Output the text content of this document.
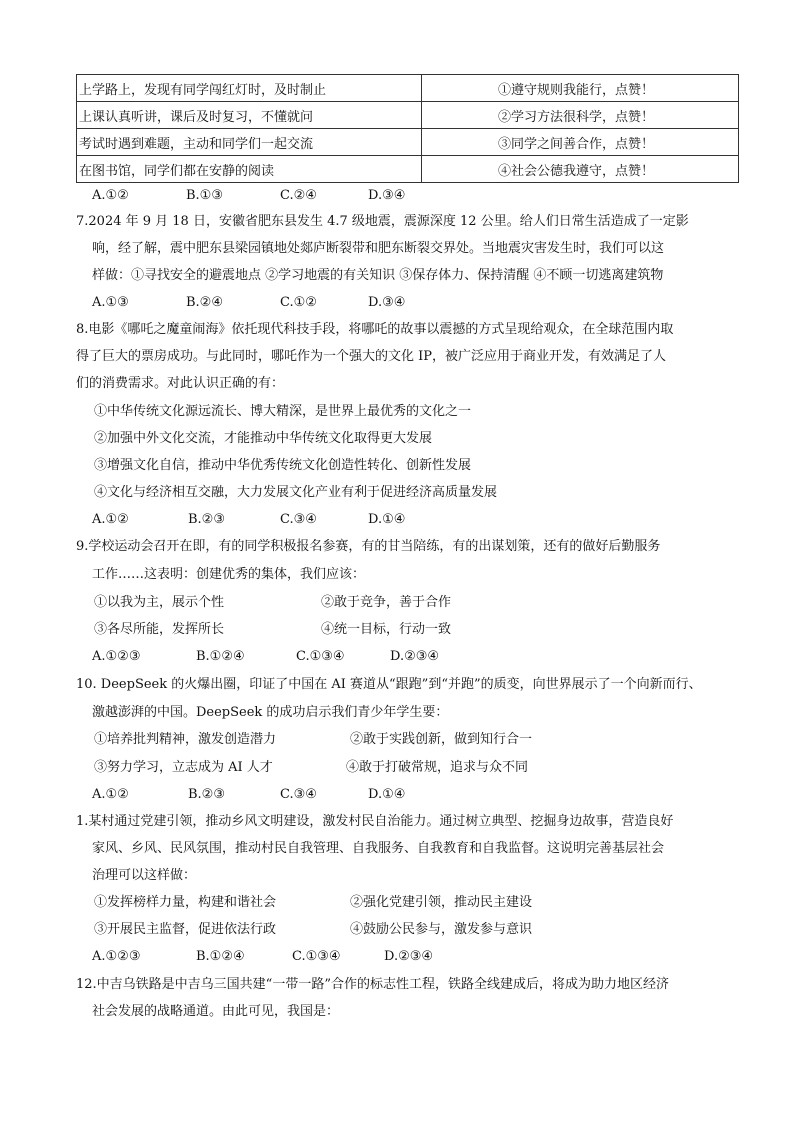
上学路上，发现有同学闯红灯时，及时制止	①遵守规则我能行，点赞！
上课认真听讲，课后及时复习，不懂就问	②学习方法很科学，点赞！
考试时遇到难题，主动和同学们一起交流	③同学之间善合作，点赞！
在图书馆，同学们都在安静的阅读	④社会公德我遵守，点赞！
A.①②	B.①③	C.②④	D.③④
7.2024 年 9 月 18 日，安徽省肥东县发生 4.7 级地震，震源深度 12 公里。给人们日常生活造成了一定影
响，经了解，震中肥东县梁园镇地处郯庐断裂带和肥东断裂交界处。当地震灾害发生时，我们可以这
样做：①寻找安全的避震地点 ②学习地震的有关知识 ③保存体力、保持清醒 ④不顾一切逃离建筑物
A.①③	B.②④	C.①②	D.③④
8.电影《哪吒之魔童闹海》依托现代科技手段，将哪吒的故事以震撼的方式呈现给观众，在全球范围内取
得了巨大的票房成功。与此同时，哪吒作为一个强大的文化 IP，被广泛应用于商业开发，有效满足了人
们的消费需求。对此认识正确的有：
①中华传统文化源远流长、博大精深，是世界上最优秀的文化之一
②加强中外文化交流，才能推动中华传统文化取得更大发展
③增强文化自信，推动中华优秀传统文化创造性转化、创新性发展
④文化与经济相互交融，大力发展文化产业有利于促进经济高质量发展
A.①②	B.②③	C.③④	D.①④
9.学校运动会召开在即，有的同学积极报名参赛，有的甘当陪练，有的出谋划策，还有的做好后勤服务
工作……这表明：创建优秀的集体，我们应该：
①以我为主，展示个性	②敢于竞争，善于合作
③各尽所能，发挥所长	④统一目标，行动一致
A.①②③	B.①②④	C.①③④	D.②③④
10. DeepSeek 的火爆出圈，印证了中国在 AI 赛道从“跟跑”到“并跑”的质变，向世界展示了一个向新而行、
激越澎湃的中国。DeepSeek 的成功启示我们青少年学生要：
①培养批判精神，激发创造潜力	②敢于实践创新，做到知行合一
③努力学习，立志成为 AI 人才	④敢于打破常规，追求与众不同
A.①②	B.②③	C.③④	D.①④
1.某村通过党建引领，推动乡风文明建设，激发村民自治能力。通过树立典型、挖掘身边故事，营造良好
家风、乡风、民风氛围，推动村民自我管理、自我服务、自我教育和自我监督。这说明完善基层社会
治理可以这样做：
①发挥榜样力量，构建和谐社会	②强化党建引领，推动民主建设
③开展民主监督，促进依法行政	④鼓励公民参与，激发参与意识
A.①②③	B.①②④	C.①③④	D.②③④
12.中吉乌铁路是中吉乌三国共建“一带一路”合作的标志性工程，铁路全线建成后，将成为助力地区经济
社会发展的战略通道。由此可见，我国是：
